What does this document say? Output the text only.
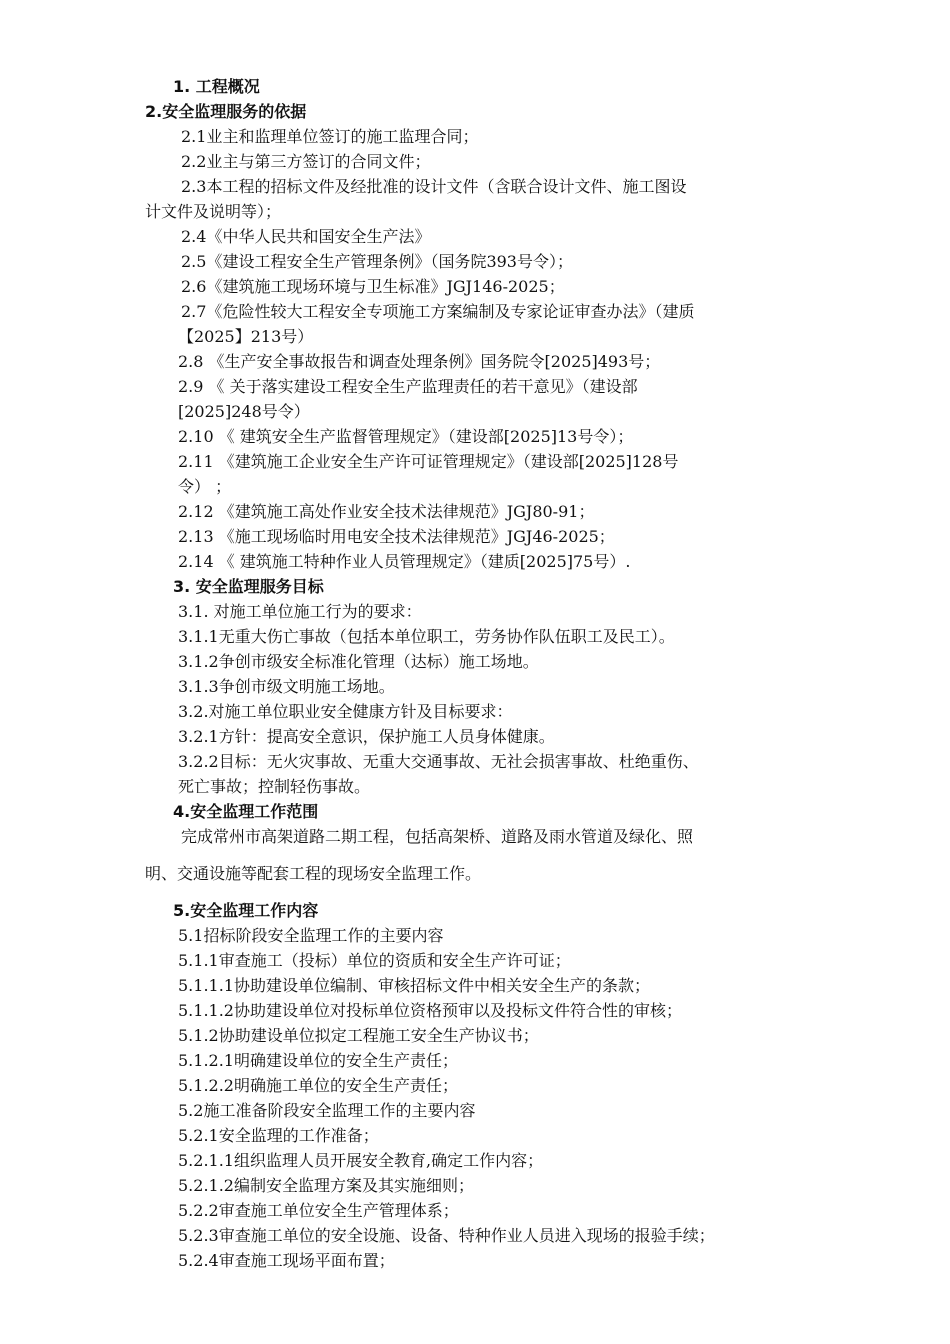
1. 工程概况
2.安全监理服务的依据
2.1业主和监理单位签订的施工监理合同；
2.2业主与第三方签订的合同文件；
2.3本工程的招标文件及经批准的设计文件（含联合设计文件、施工图设
计文件及说明等）；
2.4《中华人民共和国安全生产法》
2.5《建设工程安全生产管理条例》（国务院393号令）；
2.6《建筑施工现场环境与卫生标准》JGJ146-2025；
2.7《危险性较大工程安全专项施工方案编制及专家论证审查办法》（建质
【2025】213号）
2.8 《生产安全事故报告和调查处理条例》国务院令[2025]493号；
2.9 《 关于落实建设工程安全生产监理责任的若干意见》（建设部
[2025]248号令）
2.10 《 建筑安全生产监督管理规定》（建设部[2025]13号令）；
2.11 《建筑施工企业安全生产许可证管理规定》（建设部[2025]128号
令） ；
2.12 《建筑施工高处作业安全技术法律规范》JGJ80-91；
2.13 《施工现场临时用电安全技术法律规范》JGJ46-2025；
2.14 《 建筑施工特种作业人员管理规定》（建质[2025]75号）.
3. 安全监理服务目标
3.1. 对施工单位施工行为的要求：
3.1.1无重大伤亡事故（包括本单位职工，劳务协作队伍职工及民工）。
3.1.2争创市级安全标准化管理（达标）施工场地。
3.1.3争创市级文明施工场地。
3.2.对施工单位职业安全健康方针及目标要求：
3.2.1方针：提高安全意识，保护施工人员身体健康。
3.2.2目标：无火灾事故、无重大交通事故、无社会损害事故、杜绝重伤、
死亡事故；控制轻伤事故。
4.安全监理工作范围
完成常州市高架道路二期工程，包括高架桥、道路及雨水管道及绿化、照
明、交通设施等配套工程的现场安全监理工作。
5.安全监理工作内容
5.1招标阶段安全监理工作的主要内容
5.1.1审查施工（投标）单位的资质和安全生产许可证；
5.1.1.1协助建设单位编制、审核招标文件中相关安全生产的条款；
5.1.1.2协助建设单位对投标单位资格预审以及投标文件符合性的审核；
5.1.2协助建设单位拟定工程施工安全生产协议书；
5.1.2.1明确建设单位的安全生产责任；
5.1.2.2明确施工单位的安全生产责任；
5.2施工准备阶段安全监理工作的主要内容
5.2.1安全监理的工作准备；
5.2.1.1组织监理人员开展安全教育,确定工作内容；
5.2.1.2编制安全监理方案及其实施细则；
5.2.2审查施工单位安全生产管理体系；
5.2.3审查施工单位的安全设施、设备、特种作业人员进入现场的报验手续；
5.2.4审查施工现场平面布置；
